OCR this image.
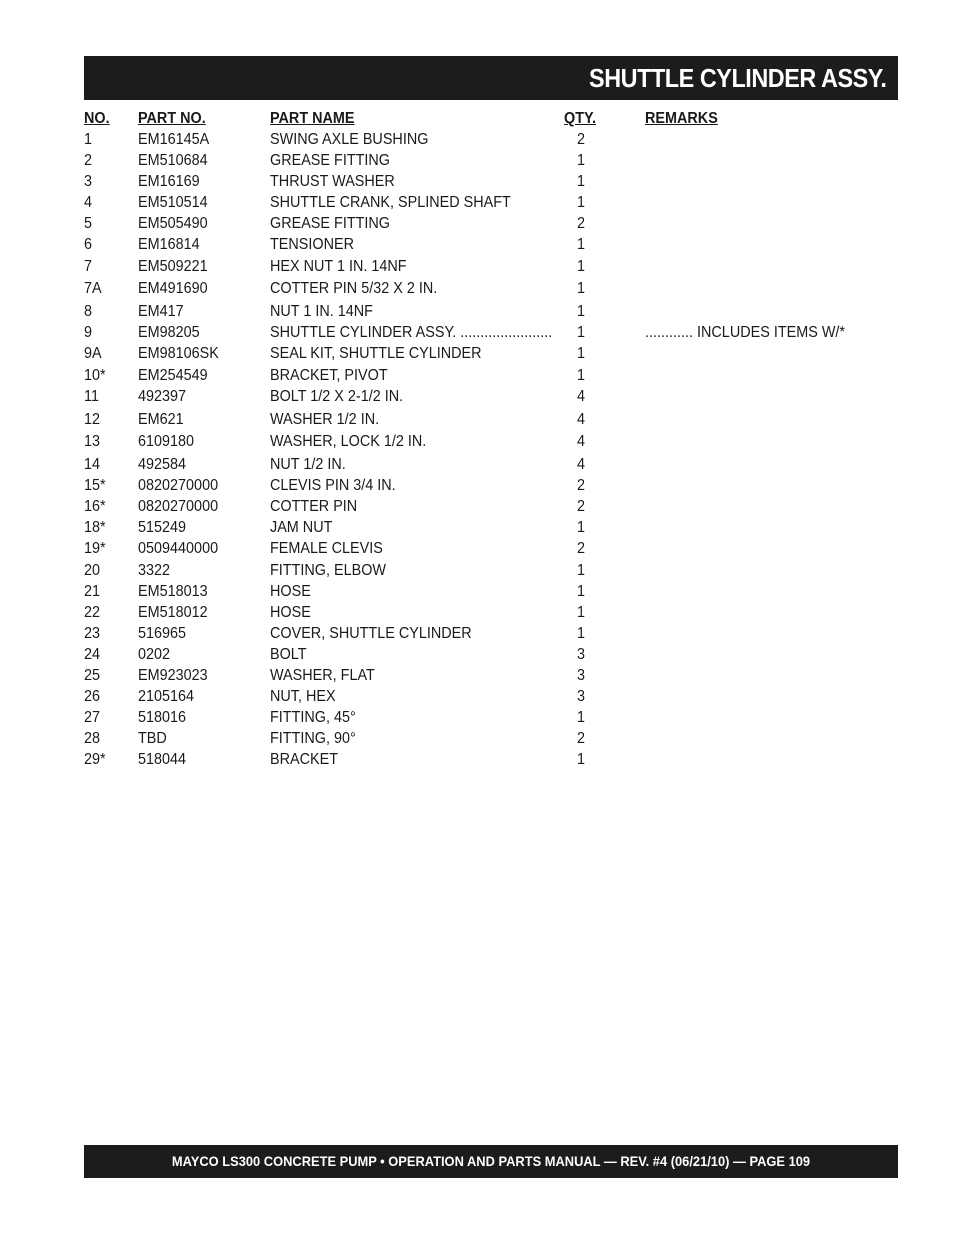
SHUTTLE CYLINDER ASSY.
NO. PART NO.	PART NAME	QTY.	REMARKS
1	EM16145A	SWING AXLE BUSHING	2
2	EM510684	GREASE FITTING	1
3	EM16169	THRUST WASHER	1
4	EM510514	SHUTTLE CRANK, SPLINED SHAFT	1
5	EM505490	GREASE FITTING	2
6	EM16814	TENSIONER	1
7	EM509221	HEX NUT 1 IN. 14NF	1
7A EM491690	COTTER PIN 5/32 X 2 IN.	1
8	EM417	NUT 1 IN. 14NF	1
9	EM98205	SHUTTLE CYLINDER ASSY. ....................... 1	............ INCLUDES ITEMS W/*
9A EM98106SK	SEAL KIT, SHUTTLE CYLINDER	1
10* EM254549	BRACKET, PIVOT	1
11 492397	BOLT 1/2 X 2-1/2 IN.	4
12 EM621	WASHER 1/2 IN.	4
13 6109180	WASHER, LOCK 1/2 IN.	4
14 492584	NUT 1/2 IN.	4
15* 0820270000	CLEVIS PIN 3/4 IN.	2
16* 0820270000	COTTER PIN	2
18* 515249	JAM NUT	1
19* 0509440000	FEMALE CLEVIS	2
20 3322	FITTING, ELBOW	1
21 EM518013	HOSE	1
22 EM518012	HOSE	1
23 516965	COVER, SHUTTLE CYLINDER	1
24 0202	BOLT	3
25 EM923023	WASHER, FLAT	3
26 2105164	NUT, HEX	3
27 518016	FITTING, 45°	1
28 TBD	FITTING, 90°	2
29* 518044	BRACKET	1
MAYCO LS300 CONCRETE PUMP • OPERATION AND PARTS MANUAL — REV. #4 (06/21/10) — PAGE 109
